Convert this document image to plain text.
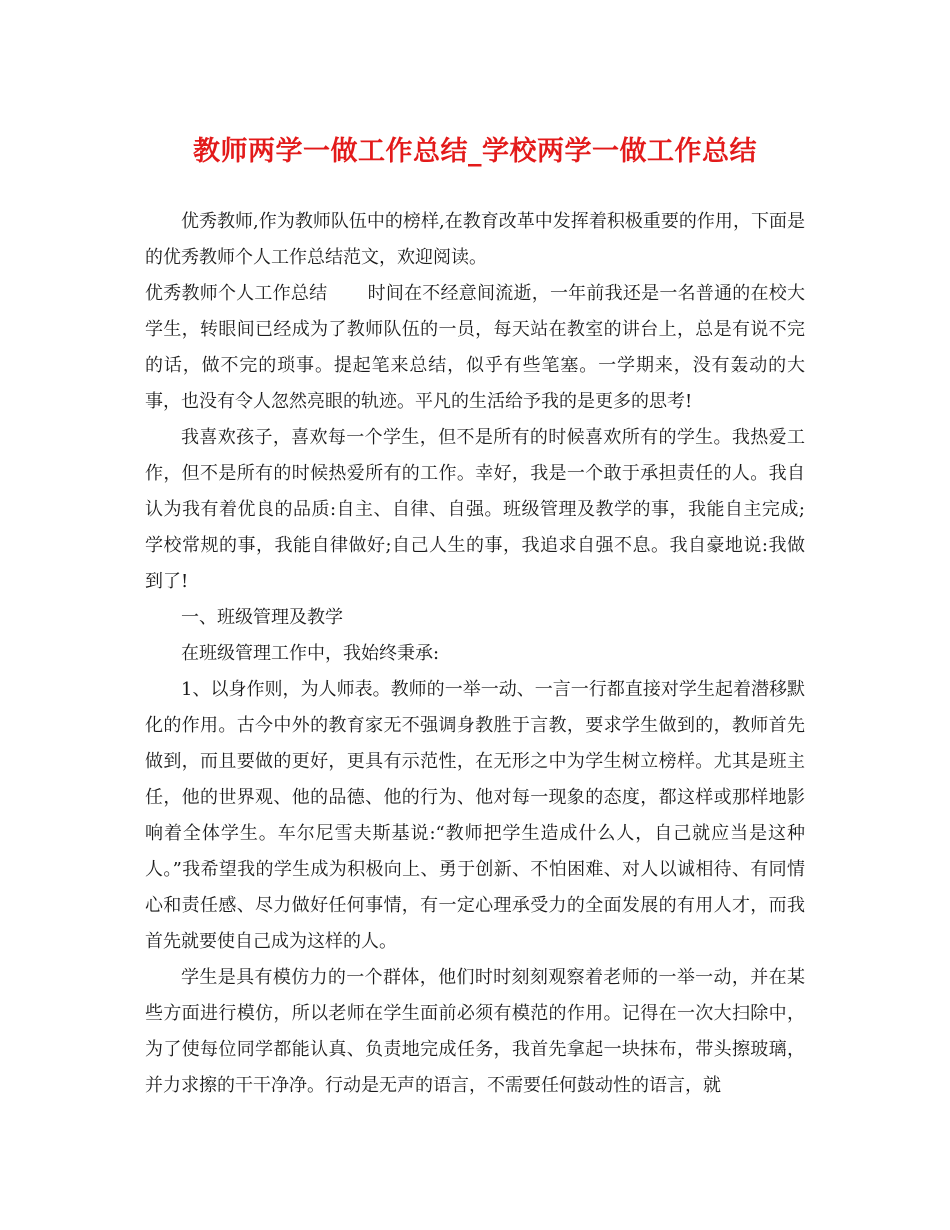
教师两学一做工作总结_学校两学一做工作总结

优秀教师,作为教师队伍中的榜样,在教育改革中发挥着积极重要的作用，下面是的优秀教师个人工作总结范文，欢迎阅读。

优秀教师个人工作总结 时间在不经意间流逝，一年前我还是一名普通的在校大学生，转眼间已经成为了教师队伍的一员，每天站在教室的讲台上，总是有说不完的话，做不完的琐事。提起笔来总结，似乎有些笔塞。一学期来，没有轰动的大事，也没有令人忽然亮眼的轨迹。平凡的生活给予我的是更多的思考!

我喜欢孩子，喜欢每一个学生，但不是所有的时候喜欢所有的学生。我热爱工作，但不是所有的时候热爱所有的工作。幸好，我是一个敢于承担责任的人。我自认为我有着优良的品质:自主、自律、自强。班级管理及教学的事，我能自主完成;学校常规的事，我能自律做好;自己人生的事，我追求自强不息。我自豪地说:我做到了!

一、班级管理及教学

在班级管理工作中，我始终秉承:

1、以身作则，为人师表。教师的一举一动、一言一行都直接对学生起着潜移默化的作用。古今中外的教育家无不强调身教胜于言教，要求学生做到的，教师首先做到，而且要做的更好，更具有示范性，在无形之中为学生树立榜样。尤其是班主任，他的世界观、他的品德、他的行为、他对每一现象的态度，都这样或那样地影响着全体学生。车尔尼雪夫斯基说:“教师把学生造成什么人，自己就应当是这种人。”我希望我的学生成为积极向上、勇于创新、不怕困难、对人以诚相待、有同情心和责任感、尽力做好任何事情，有一定心理承受力的全面发展的有用人才，而我首先就要使自己成为这样的人。

学生是具有模仿力的一个群体，他们时时刻刻观察着老师的一举一动，并在某些方面进行模仿，所以老师在学生面前必须有模范的作用。记得在一次大扫除中，为了使每位同学都能认真、负责地完成任务，我首先拿起一块抹布，带头擦玻璃，并力求擦的干干净净。行动是无声的语言，不需要任何鼓动性的语言，就
